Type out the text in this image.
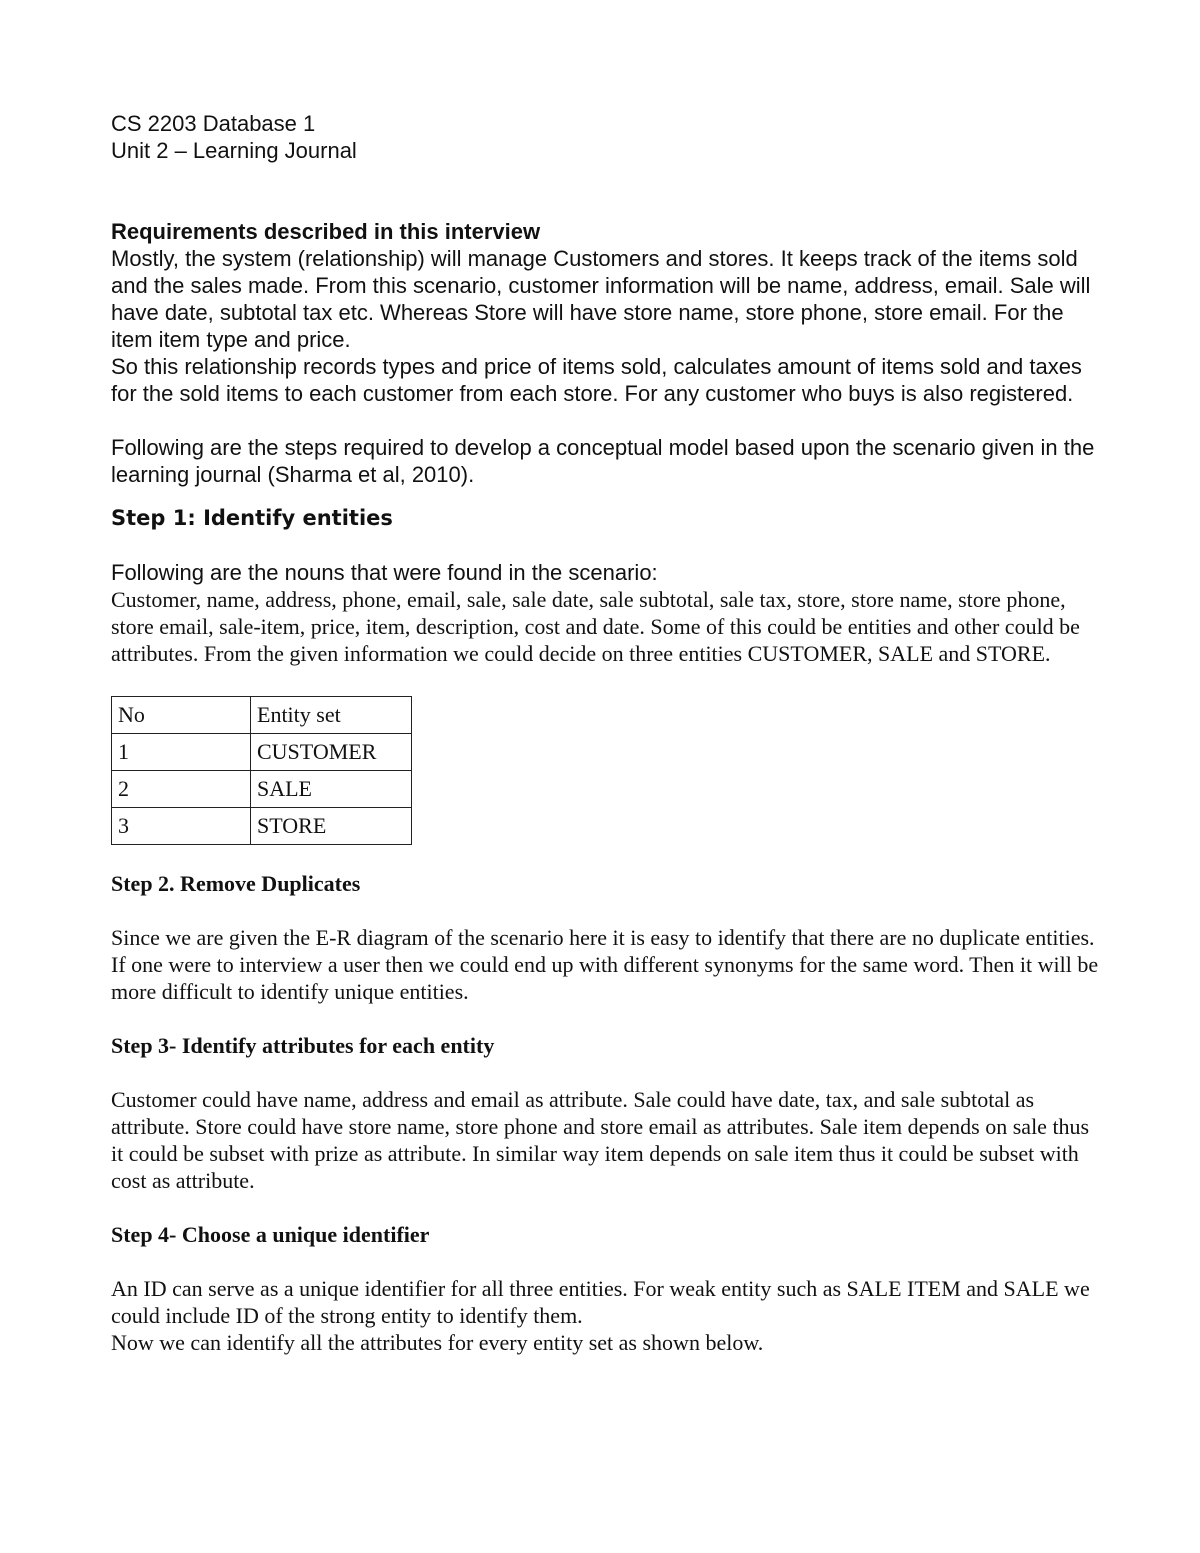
CS 2203 Database 1

Unit 2 – Learning Journal

Requirements described in this interview

Mostly, the system (relationship) will manage Customers and stores. It keeps track of the items sold and the sales made. From this scenario, customer information will be name, address, email. Sale will have date, subtotal tax etc. Whereas Store will have store name, store phone, store email. For the item item type and price.

So this relationship records types and price of items sold, calculates amount of items sold and taxes for the sold items to each customer from each store. For any customer who buys is also registered.

Following are the steps required to develop a conceptual model based upon the scenario given in the learning journal (Sharma et al, 2010).

Step 1: Identify entities

Following are the nouns that were found in the scenario:

Customer, name, address, phone, email, sale, sale date, sale subtotal, sale tax, store, store name, store phone, store email, sale-item, price, item, description, cost and date. Some of this could be entities and other could be attributes. From the given information we could decide on three entities CUSTOMER, SALE and STORE.

No	Entity set
1	CUSTOMER
2	SALE
3	STORE

Step 2. Remove Duplicates

Since we are given the E-R diagram of the scenario here it is easy to identify that there are no duplicate entities. If one were to interview a user then we could end up with different synonyms for the same word. Then it will be more difficult to identify unique entities.

Step 3- Identify attributes for each entity

Customer could have name, address and email as attribute. Sale could have date, tax, and sale subtotal as attribute. Store could have store name, store phone and store email as attributes. Sale item depends on sale thus it could be subset with prize as attribute. In similar way item depends on sale item thus it could be subset with cost as attribute.

Step 4- Choose a unique identifier

An ID can serve as a unique identifier for all three entities. For weak entity such as SALE ITEM and SALE we could include ID of the strong entity to identify them.

Now we can identify all the attributes for every entity set as shown below.
